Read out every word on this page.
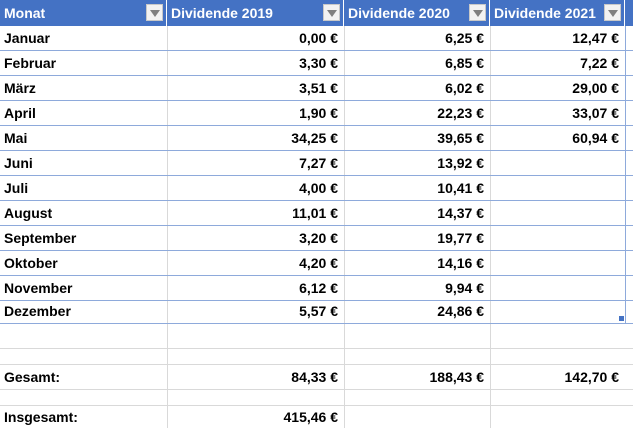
Monat	Dividende 2019	Dividende 2020	Dividende 2021
Januar	0,00 €	6,25 €	12,47 €
Februar	3,30 €	6,85 €	7,22 €
März	3,51 €	6,02 €	29,00 €
April	1,90 €	22,23 €	33,07 €
Mai	34,25 €	39,65 €	60,94 €
Juni	7,27 €	13,92 €
Juli	4,00 €	10,41 €
August	11,01 €	14,37 €
September	3,20 €	19,77 €
Oktober	4,20 €	14,16 €
November	6,12 €	9,94 €
Dezember	5,57 €	24,86 €
Gesamt:	84,33 €	188,43 €	142,70 €
Insgesamt:	415,46 €
